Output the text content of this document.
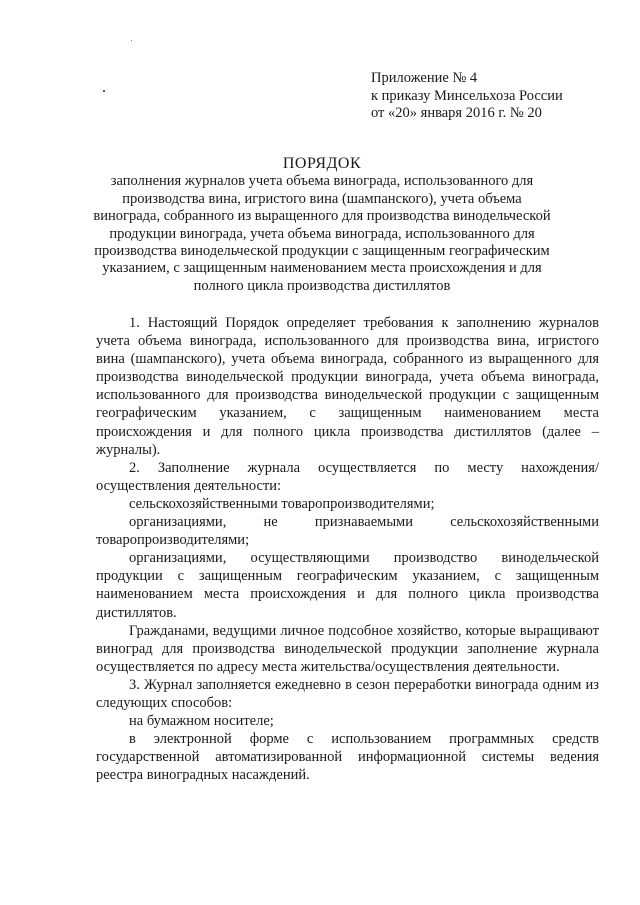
Приложение № 4
к приказу Минсельхоза России
от «20» января 2016 г. № 20
ПОРЯДОК
заполнения журналов учета объема винограда, использованного для производства вина, игристого вина (шампанского), учета объема винограда, собранного из выращенного для производства винодельческой продукции винограда, учета объема винограда, использованного для производства винодельческой продукции с защищенным географическим указанием, с защищенным наименованием места происхождения и для полного цикла производства дистиллятов

1. Настоящий Порядок определяет требования к заполнению журналов учета объема винограда, использованного для производства вина, игристого вина (шампанского), учета объема винограда, собранного из выращенного для производства винодельческой продукции винограда, учета объема винограда, использованного для производства винодельческой продукции с защищенным географическим указанием, с защищенным наименованием места происхождения и для полного цикла производства дистиллятов (далее – журналы).

2. Заполнение журнала осуществляется по месту нахождения/ осуществления деятельности:

сельскохозяйственными товаропроизводителями;

организациями, не признаваемыми сельскохозяйственными товаропроизводителями;

организациями, осуществляющими производство винодельческой продукции с защищенным географическим указанием, с защищенным наименованием места происхождения и для полного цикла производства дистиллятов.

Гражданами, ведущими личное подсобное хозяйство, которые выращивают виноград для производства винодельческой продукции заполнение журнала осуществляется по адресу места жительства/осуществления деятельности.

3. Журнал заполняется ежедневно в сезон переработки винограда одним из следующих способов:

на бумажном носителе;

в электронной форме с использованием программных средств государственной автоматизированной информационной системы ведения реестра виноградных насаждений.
